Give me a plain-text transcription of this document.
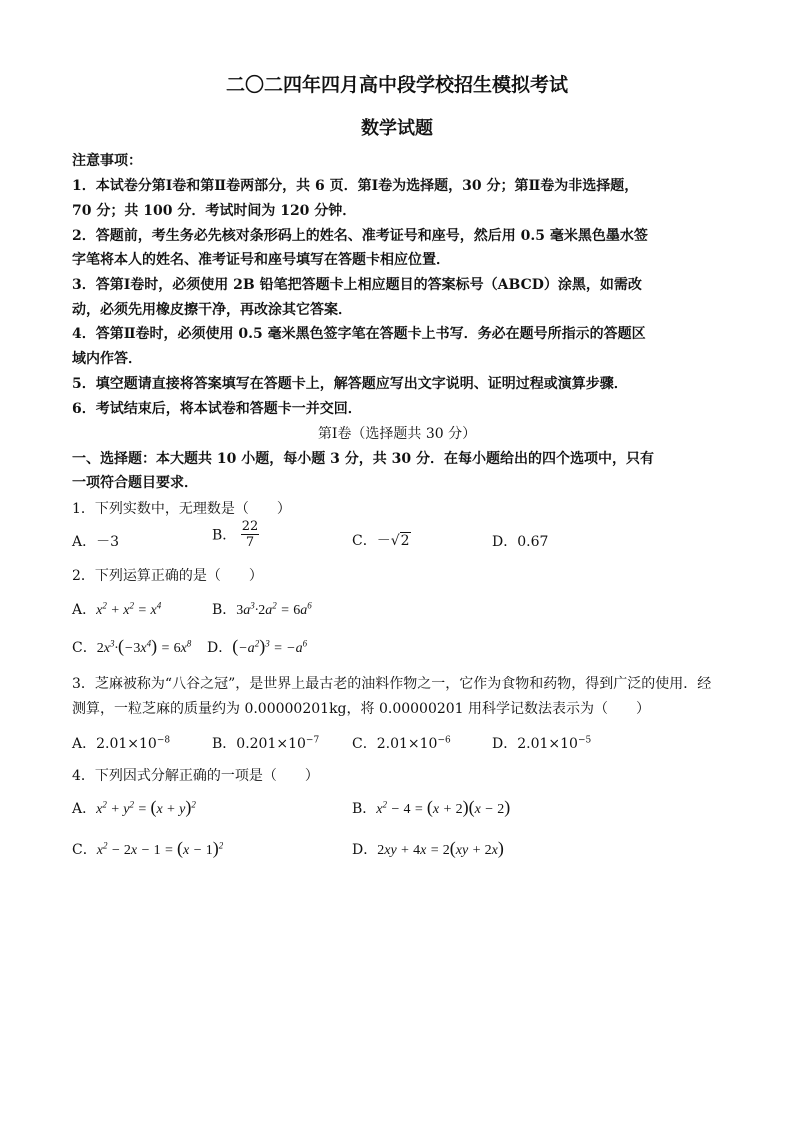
二〇二四年四月高中段学校招生模拟考试
数学试题
注意事项：
1．本试卷分第Ⅰ卷和第Ⅱ卷两部分，共 6 页．第Ⅰ卷为选择题，30 分；第Ⅱ卷为非选择题，
70 分；共 100 分．考试时间为 120 分钟．
2．答题前，考生务必先核对条形码上的姓名、准考证号和座号，然后用 0.5 毫米黑色墨水签
字笔将本人的姓名、准考证号和座号填写在答题卡相应位置．
3．答第Ⅰ卷时，必须使用 2B 铅笔把答题卡上相应题目的答案标号（ABCD）涂黑，如需改
动，必须先用橡皮擦干净，再改涂其它答案．
4．答第Ⅱ卷时，必须使用 0.5 毫米黑色签字笔在答题卡上书写．务必在题号所指示的答题区
域内作答．
5．填空题请直接将答案填写在答题卡上，解答题应写出文字说明、证明过程或演算步骤．
6．考试结束后，将本试卷和答题卡一并交回．
第Ⅰ卷（选择题共 30 分）
一、选择题：本大题共 10 小题，每小题 3 分，共 30 分．在每小题给出的四个选项中，只有
一项符合题目要求．
1．下列实数中，无理数是（　　）
A．－3	B． $\frac{22}{7}$	C．－√2	D．0.67
2．下列运算正确的是（　　）
A．$x^2 + x^2 = x^4$	B．$3a^3\cdot 2a^2 = 6a^6$
C．$2x^3\cdot(-3x^4) = 6x^8$ D．$(-a^2)^3 = -a^6$
3．芝麻被称为“八谷之冠”，是世界上最古老的油料作物之一，它作为食物和药物，得到广泛的使用．经
测算，一粒芝麻的质量约为 0.00000201kg，将 0.00000201 用科学记数法表示为（　　）
A．$2.01\times 10^{-8}$	B．$0.201\times 10^{-7}$ C．$2.01\times 10^{-6}$	D．$2.01\times 10^{-5}$
4．下列因式分解正确的一项是（　　）
A．$x^2 + y^2 = (x + y)^2$	B．$x^2 - 4 = (x + 2)(x - 2)$
C．$x^2 - 2x - 1 = (x - 1)^2$	D．2xy + 4x = 2(xy + 2x)
